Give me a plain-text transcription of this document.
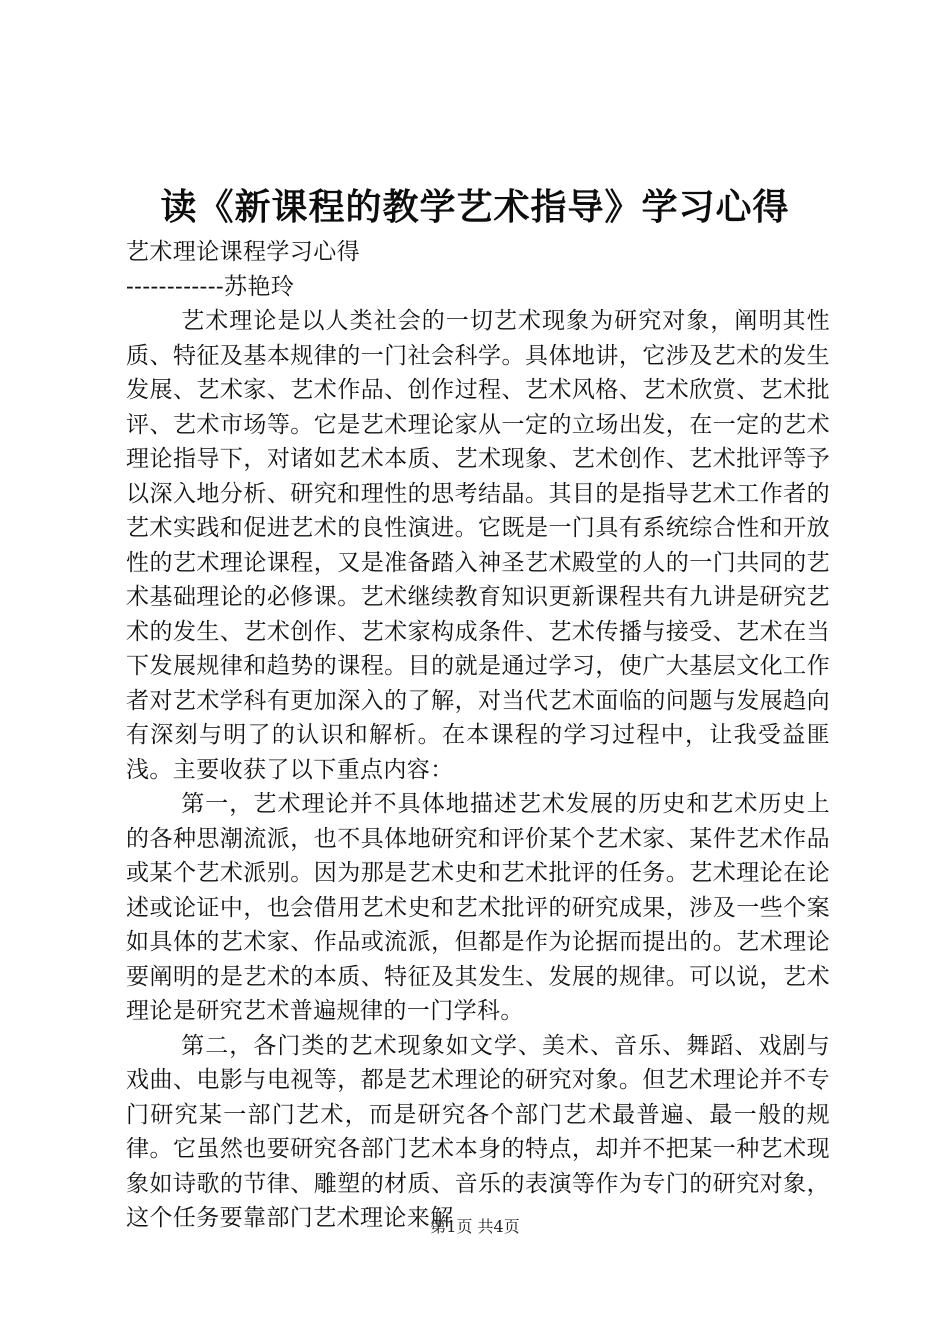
读《新课程的教学艺术指导》学习心得

艺术理论课程学习心得

------------苏艳玲

艺术理论是以人类社会的一切艺术现象为研究对象，阐明其性质、特征及基本规律的一门社会科学。具体地讲，它涉及艺术的发生发展、艺术家、艺术作品、创作过程、艺术风格、艺术欣赏、艺术批评、艺术市场等。它是艺术理论家从一定的立场出发，在一定的艺术理论指导下，对诸如艺术本质、艺术现象、艺术创作、艺术批评等予以深入地分析、研究和理性的思考结晶。其目的是指导艺术工作者的艺术实践和促进艺术的良性演进。它既是一门具有系统综合性和开放性的艺术理论课程，又是准备踏入神圣艺术殿堂的人的一门共同的艺术基础理论的必修课。艺术继续教育知识更新课程共有九讲是研究艺术的发生、艺术创作、艺术家构成条件、艺术传播与接受、艺术在当下发展规律和趋势的课程。目的就是通过学习，使广大基层文化工作者对艺术学科有更加深入的了解，对当代艺术面临的问题与发展趋向有深刻与明了的认识和解析。在本课程的学习过程中，让我受益匪浅。主要收获了以下重点内容：

第一，艺术理论并不具体地描述艺术发展的历史和艺术历史上的各种思潮流派，也不具体地研究和评价某个艺术家、某件艺术作品或某个艺术派别。因为那是艺术史和艺术批评的任务。艺术理论在论述或论证中，也会借用艺术史和艺术批评的研究成果，涉及一些个案如具体的艺术家、作品或流派，但都是作为论据而提出的。艺术理论要阐明的是艺术的本质、特征及其发生、发展的规律。可以说，艺术理论是研究艺术普遍规律的一门学科。

第二，各门类的艺术现象如文学、美术、音乐、舞蹈、戏剧与戏曲、电影与电视等，都是艺术理论的研究对象。但艺术理论并不专门研究某一部门艺术，而是研究各个部门艺术最普遍、最一般的规律。它虽然也要研究各部门艺术本身的特点，却并不把某一种艺术现象如诗歌的节律、雕塑的材质、音乐的表演等作为专门的研究对象，这个任务要靠部门艺术理论来解

第1页 共4页
